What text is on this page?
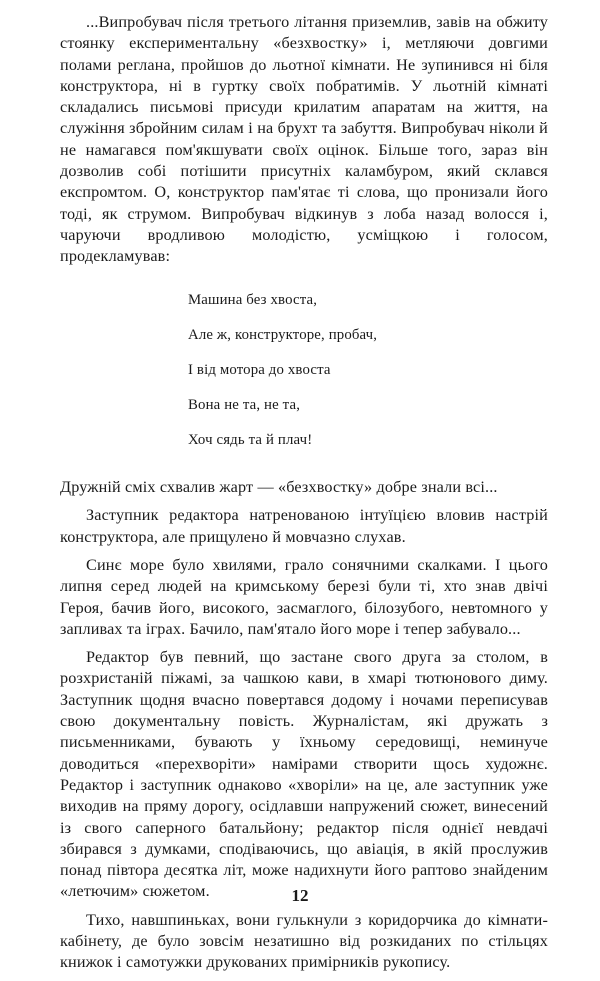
...Випробувач після третього літання приземлив, завів на обжиту стоянку експериментальну «безхвостку» і, метляючи довгими полами реглана, пройшов до льотної кімнати. Не зупинився ні біля конструктора, ні в гуртку своїх побратимів. У льотній кімнаті складались письмові присуди крилатим апаратам на життя, на служіння збройним силам і на брухт та забуття. Випробувач ніколи й не намагався пом'якшувати своїх оцінок. Більше того, зараз він дозволив собі потішити присутніх каламбуром, який склався експромтом. О, конструктор пам'ятає ті слова, що пронизали його тоді, як струмом. Випробувач відкинув з лоба назад волосся і, чаруючи вродливою молодістю, усміщкою і голосом, продекламував:

Машина без хвоста,

Але ж, конструкторе, пробач,

І від мотора до хвоста

Вона не та, не та,

Хоч сядь та й плач!

Дружній сміх схвалив жарт — «безхвостку» добре знали всі...

Заступник редактора натренованою інтуїцією вловив настрій конструктора, але прищулено й мовчазно слухав.

Синє море було хвилями, грало сонячними скалками. І цього липня серед людей на кримському березі були ті, хто знав двічі Героя, бачив його, високого, засмаглого, білозубого, невтомного у запливах та іграх. Бачило, пам'ятало його море і тепер забувало...

Редактор був певний, що застане свого друга за столом, в розхристаній піжамі, за чашкою кави, в хмарі тютюнового диму. Заступник щодня вчасно повертався додому і ночами переписував свою документальну повість. Журналістам, які дружать з письменниками, бувають у їхньому середовищі, неминуче доводиться «перехворіти» намірами створити щось художнє. Редактор і заступник однаково «хворіли» на це, але заступник уже виходив на пряму дорогу, осідлавши напружений сюжет, винесений із свого саперного батальйону; редактор після однієї невдачі збирався з думками, сподіваючись, що авіація, в якій прослужив понад півтора десятка літ, може надихнути його раптово знайденим «летючим» сюжетом.

Тихо, навшпиньках, вони гулькнули з коридорчика до кімнати-кабінету, де було зовсім незатишно від розкиданих по стільцях книжок і самотужки друкованих примірників рукопису.

12
